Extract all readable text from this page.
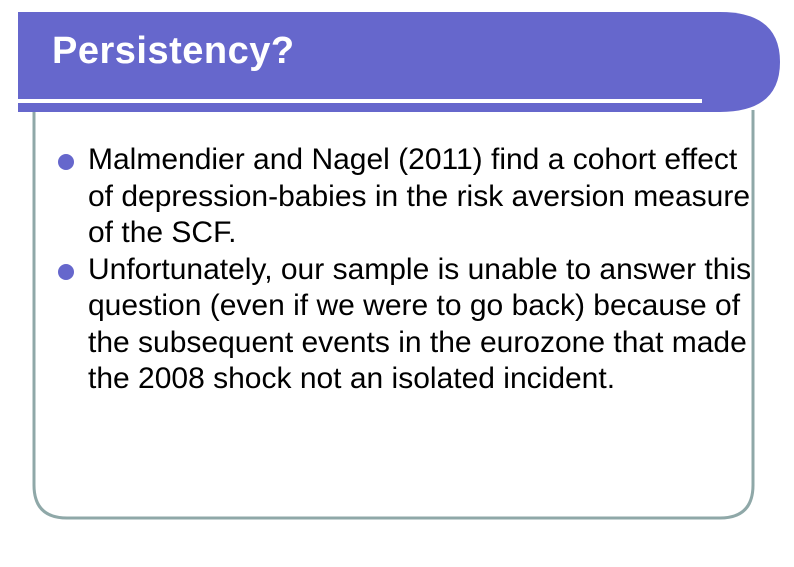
Persistency?
Malmendier and Nagel (2011) find a cohort effect of depression-babies in the risk aversion measure of the SCF.
Unfortunately, our sample is unable to answer this question (even if we were to go back) because of the subsequent events in the eurozone that made the 2008 shock not an isolated incident.
